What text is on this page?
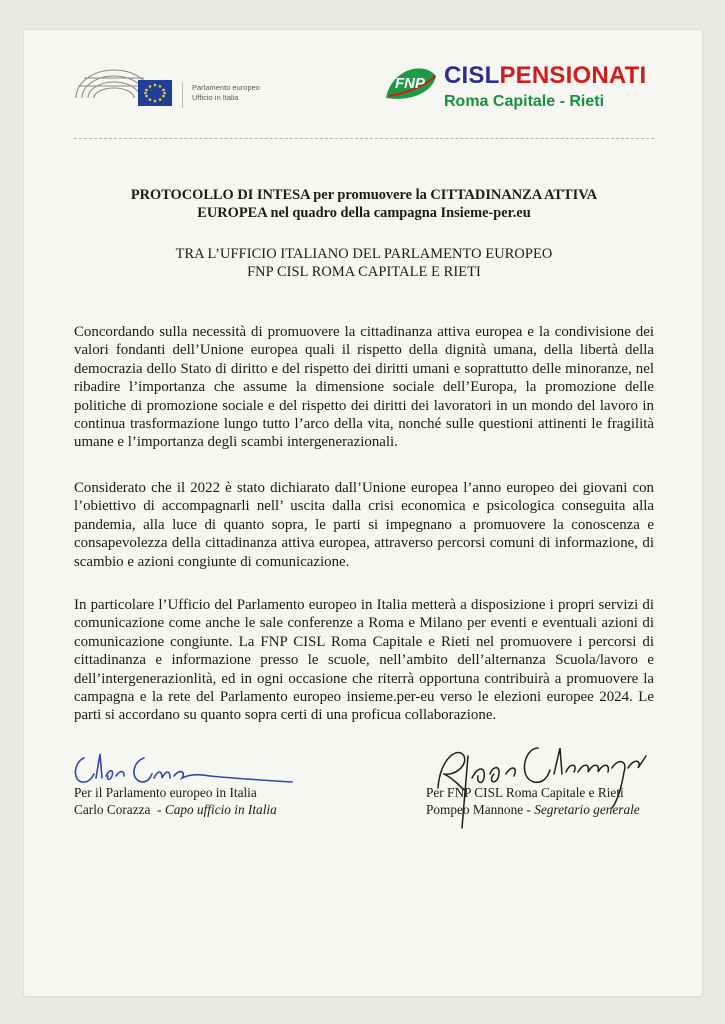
Parlamento europeo
Ufficio in Italia
FNP CISLPENSIONATI
Roma Capitale - Rieti
PROTOCOLLO DI INTESA per promuovere la CITTADINANZA ATTIVA
EUROPEA nel quadro della campagna Insieme-per.eu
TRA L’UFFICIO ITALIANO DEL PARLAMENTO EUROPEO
FNP CISL ROMA CAPITALE E RIETI
Concordando sulla necessità di promuovere la cittadinanza attiva europea e la condivisione dei valori fondanti dell’Unione europea quali il rispetto della dignità umana, della libertà della democrazia dello Stato di diritto e del rispetto dei diritti umani e soprattutto delle minoranze, nel ribadire l’importanza che assume la dimensione sociale dell’Europa, la promozione delle politiche di promozione sociale e del rispetto dei diritti dei lavoratori in un mondo del lavoro in continua trasformazione lungo tutto l’arco della vita, nonché sulle questioni attinenti le fragilità umane e l’importanza degli scambi intergenerazionali.
Considerato che il 2022 è stato dichiarato dall’Unione europea l’anno europeo dei giovani con l’obiettivo di accompagnarli nell’ uscita dalla crisi economica e psicologica conseguita alla pandemia, alla luce di quanto sopra, le parti si impegnano a promuovere la conoscenza e consapevolezza della cittadinanza attiva europea, attraverso percorsi comuni di informazione, di scambio e azioni congiunte di comunicazione.
In particolare l’Ufficio del Parlamento europeo in Italia metterà a disposizione i propri servizi di comunicazione come anche le sale conferenze a Roma e Milano per eventi e eventuali azioni di comunicazione congiunte. La FNP CISL Roma Capitale e Rieti nel promuovere i percorsi di cittadinanza e informazione presso le scuole, nell’ambito dell’alternanza Scuola/lavoro e dell’intergenerazionlità, ed in ogni occasione che riterrà opportuna contribuirà a promuovere la campagna e la rete del Parlamento europeo insieme.per-eu verso le elezioni europee 2024. Le parti si accordano su quanto sopra certi di una proficua collaborazione.
Per il Parlamento europeo in Italia
Carlo Corazza - Capo ufficio in Italia
Per FNP CISL Roma Capitale e Rieti
Pompeo Mannone - Segretario generale
